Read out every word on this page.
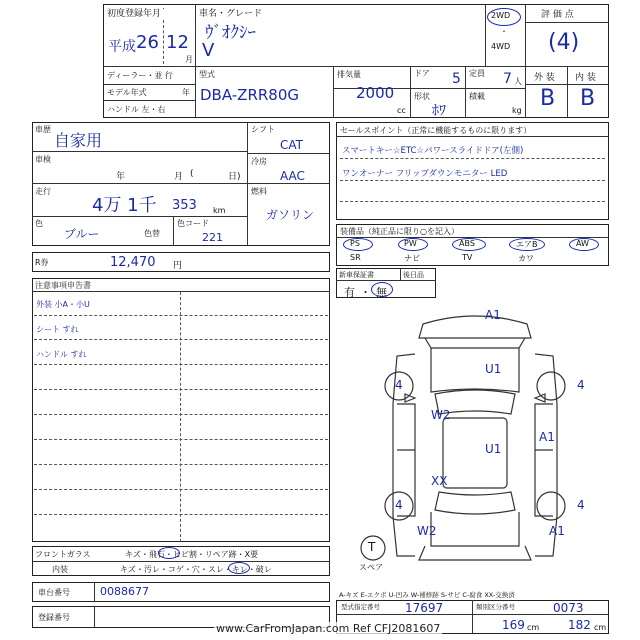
初度登録年月
平成 26 12
月
車名・グレード
ｳﾞｵｸｼｰ
V
2WD
・
4WD
評 価 点
(4)
ディーラー・並 行
モデル年式	年
ハンドル 左・右
型式
DBA-ZRR80G
排気量
2000
cc
ドア 5 定員 7 人
形状
ﾎﾜ
積載
kg
外 装 内 装
B B
車歴
自家用
車検
年	月 (	日)
走行
4万 1千 353 km
色
ブルー	色替
色コード
221
シフト
CAT
冷房
AAC
燃料
ガソリン
R券	12,470 円
セールスポイント（正常に機能するものに限ります）
スマートキー☆ETC☆パワースライドドア(左側)
ワンオーナー フリップダウンモニター LED
装備品（純正品に限り○を記入）
PS	PW	ABS	エアB	AW
SR	ナビ	TV	カワ
新車保証書	後日品
有 ・ 無
注意事項申告書
外装 小A・小U
シート すれ
ハンドル すれ
A1
U1
4	4
W2
U1
A1
XX
4	4
W2	A1
T
スペア
フロントガラス	キズ・飛石・ヒビ割・リペア跡・X要
内装	キズ・汚レ・コゲ・穴・スレ・キレ・破レ
A-キズ E-エクボ U-凹み W-補修跡 S-サビ C-腐食 XX-交換済
車台番号	0088677
登録番号
型式指定番号 17697	類別区分番号	0073
169 cm 182 cm
www.CarFromJapan.com Ref CFJ2081607
